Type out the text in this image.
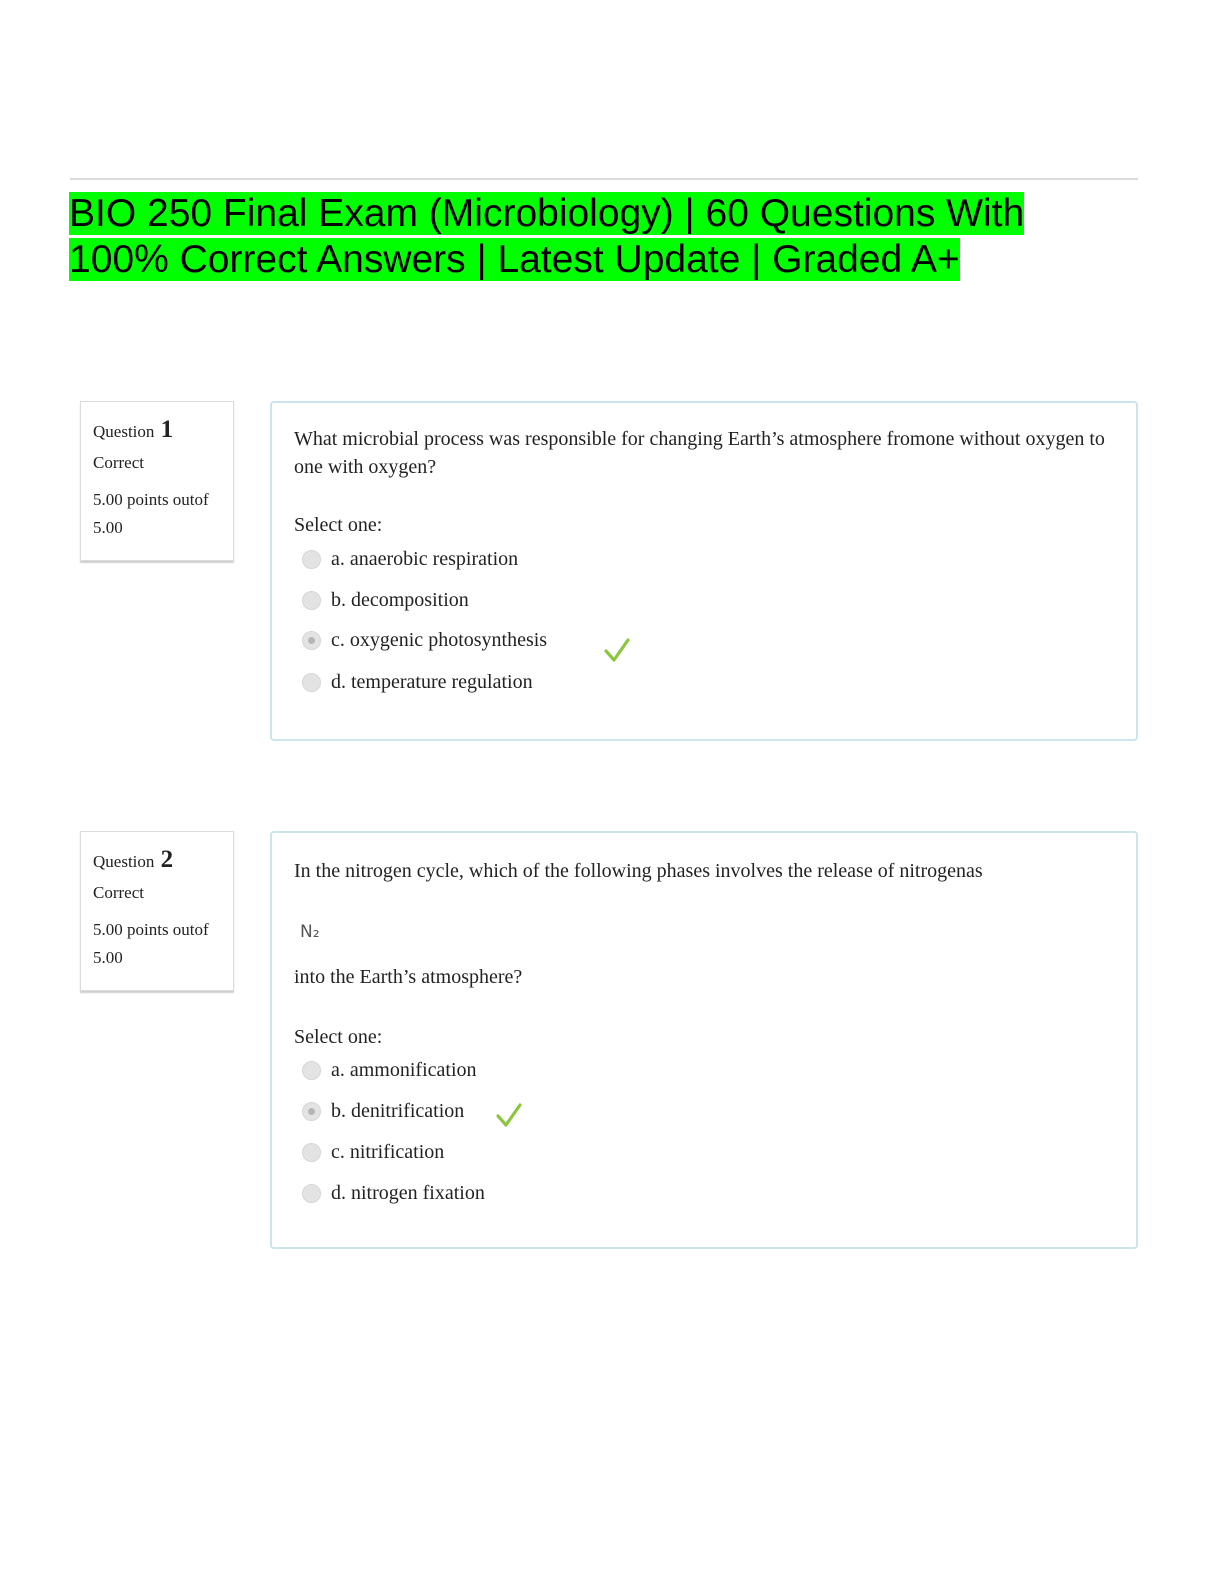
BIO 250 Final Exam (Microbiology) | 60 Questions With 100% Correct Answers | Latest Update | Graded A+
Question 1
Correct
5.00 points outof 5.00

What microbial process was responsible for changing Earth’s atmosphere fromone without oxygen to one with oxygen?

Select one:
a. anaerobic respiration
b. decomposition
c. oxygenic photosynthesis
d. temperature regulation
Question 2
Correct
5.00 points outof 5.00

In the nitrogen cycle, which of the following phases involves the release of nitrogenas

N₂

into the Earth’s atmosphere?

Select one:
a. ammonification
b. denitrification
c. nitrification
d. nitrogen fixation
